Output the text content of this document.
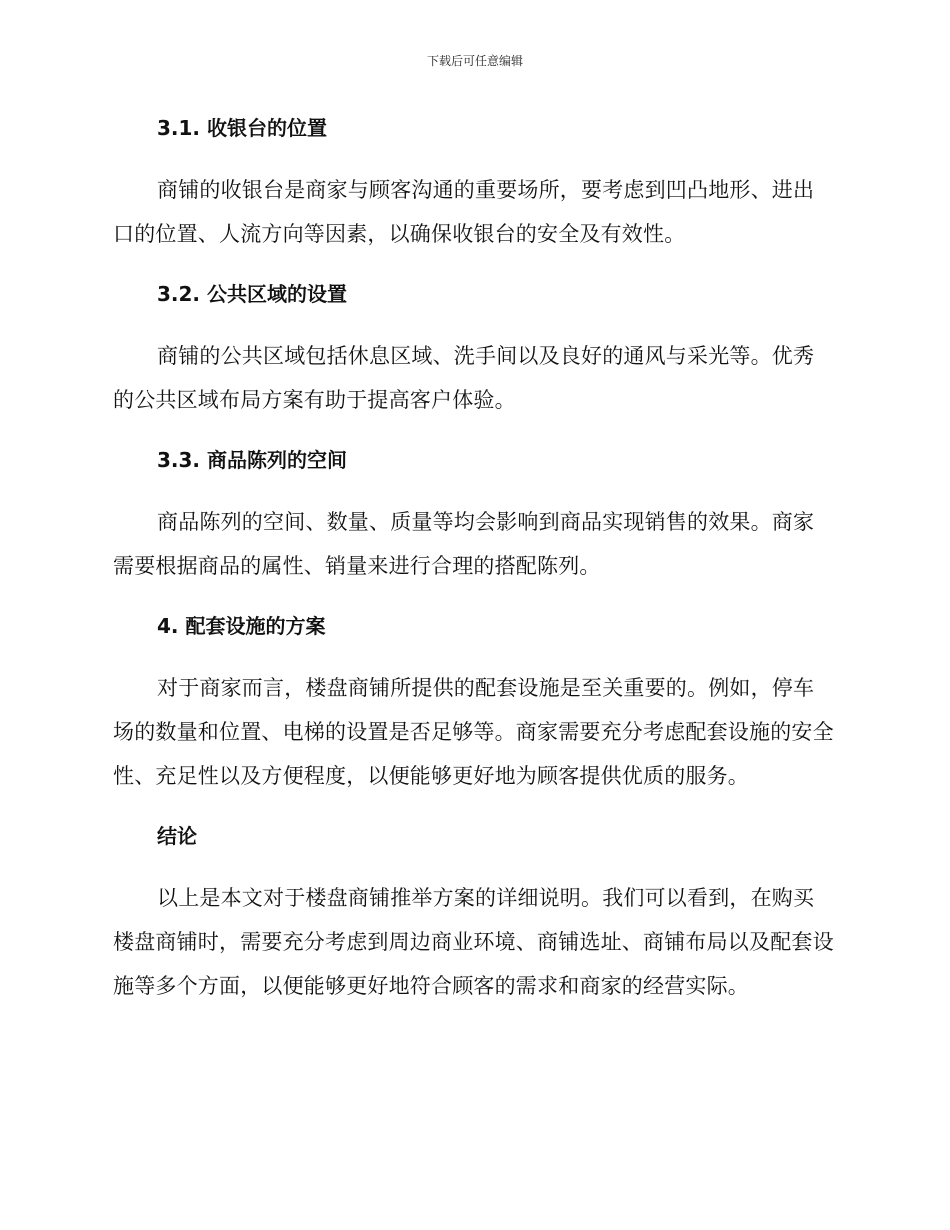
下载后可任意编辑
3.1. 收银台的位置

商铺的收银台是商家与顾客沟通的重要场所，要考虑到凹凸地形、进出口的位置、人流方向等因素，以确保收银台的安全及有效性。

3.2. 公共区域的设置

商铺的公共区域包括休息区域、洗手间以及良好的通风与采光等。优秀的公共区域布局方案有助于提高客户体验。

3.3. 商品陈列的空间

商品陈列的空间、数量、质量等均会影响到商品实现销售的效果。商家需要根据商品的属性、销量来进行合理的搭配陈列。

4. 配套设施的方案

对于商家而言，楼盘商铺所提供的配套设施是至关重要的。例如，停车场的数量和位置、电梯的设置是否足够等。商家需要充分考虑配套设施的安全性、充足性以及方便程度，以便能够更好地为顾客提供优质的服务。

结论

以上是本文对于楼盘商铺推举方案的详细说明。我们可以看到，在购买楼盘商铺时，需要充分考虑到周边商业环境、商铺选址、商铺布局以及配套设施等多个方面，以便能够更好地符合顾客的需求和商家的经营实际。
